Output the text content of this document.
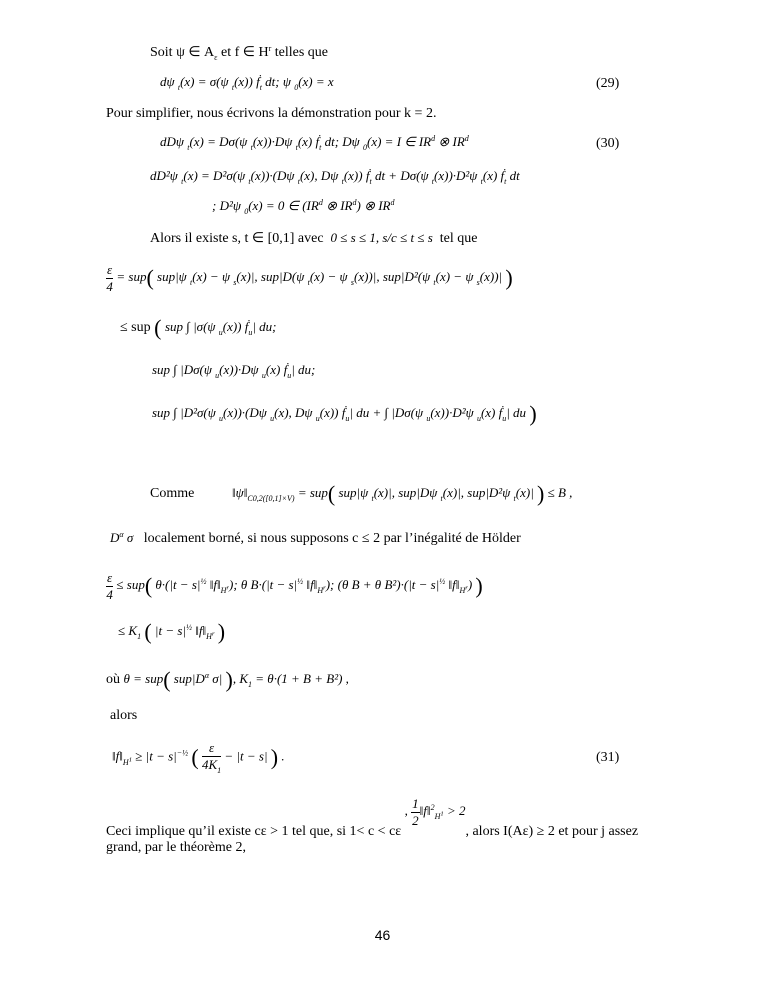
Soit ψ ∈ $A_\varepsilon$ et f ∈ $H^r$ telles que
dψ $_t$(x) = σ(ψ $_t$(x)) ḟ$_t$ dt; ψ $_0$(x) = x	(29)
Pour simplifier, nous écrivons la démonstration pour k = 2.
dDψ $_t$(x) = Dσ(ψ $_t$(x))·Dψ $_t$(x) ḟ$_t$ dt; Dψ $_0$(x) = I ∈ $IR^d$ ⊗ $IR^d$	(30)
dD²ψ $_t$(x) = D²σ(ψ $_t$(x))·(Dψ $_t$(x), Dψ $_t$(x)) ḟ$_t$ dt + Dσ(ψ $_t$(x))·D²ψ $_t$(x) ḟ$_t$ dt
; D²ψ $_0$(x) = 0 ∈ ($IR^d$ ⊗ $IR^d$) ⊗ $IR^d$
Alors il existe s, t ∈ [0,1] avec 0 ≤ s ≤ 1, s/c ≤ t ≤ s tel que
$\frac{\varepsilon}{4} = sup$( sup|ψ $_t$(x) − ψ $_s$(x)|, sup|D(ψ $_t$(x) − ψ $_s$(x))|, sup|D²(ψ $_t$(x) − ψ $_s$(x))| )
≤ sup ( sup ∫ |σ(ψ $_u$(x)) ḟ$_u$| du;
sup ∫ |Dσ(ψ $_u$(x))·Dψ $_u$(x) ḟ$_u$| du;
sup ∫ |D²σ(ψ $_u$(x))·(Dψ $_u$(x), Dψ $_u$(x)) ḟ$_u$| du + ∫ |Dσ(ψ $_u$(x))·D²ψ $_u$(x) ḟ$_u$| du )
Comme	$‖\psi‖_{C0,2([0,1]\times V)} = sup$( sup|ψ $_t$(x)|, sup|Dψ $_t$(x)|, sup|D²ψ $_t$(x)| ) ≤ B ,
$D^\alpha$ σ localement borné, si nous supposons c ≤ 2 par l’inégalité de Hölder
$\frac{\varepsilon}{4} \le sup$( $\theta\cdot(|t - s|^{\frac{1}{2}}$ $‖f‖_{H^r}$); θ $B\cdot(|t - s|^{\frac{1}{2}}$ $‖f‖_{H^r}$); (θ B + θ $B^2)\cdot(|t - s|^{\frac{1}{2}}$ $‖f‖_{H^r}$) )
≤ $K_1$ ( $|t - s|^{\frac{1}{2}}$ $‖f‖_{H^r}$ )
où θ = sup( $sup|D^\alpha$ σ| ), $K_1 = \theta\cdot(1 + B + B^2)$ ,
alors
$‖f‖_{H^1} \ge |t - s|^{-\frac{1}{2}}$ ( $\frac{\varepsilon}{4K_1} - |t - s|$ ) .	(31)
Ceci implique qu’il existe cε > 1 tel que, si 1< c < cε , $\frac{1}{2}$ ‖f‖$^2_{H^1}$ > 2, alors I(Aε) ≥ 2 et pour j assez
grand, par le théorème 2,
46
